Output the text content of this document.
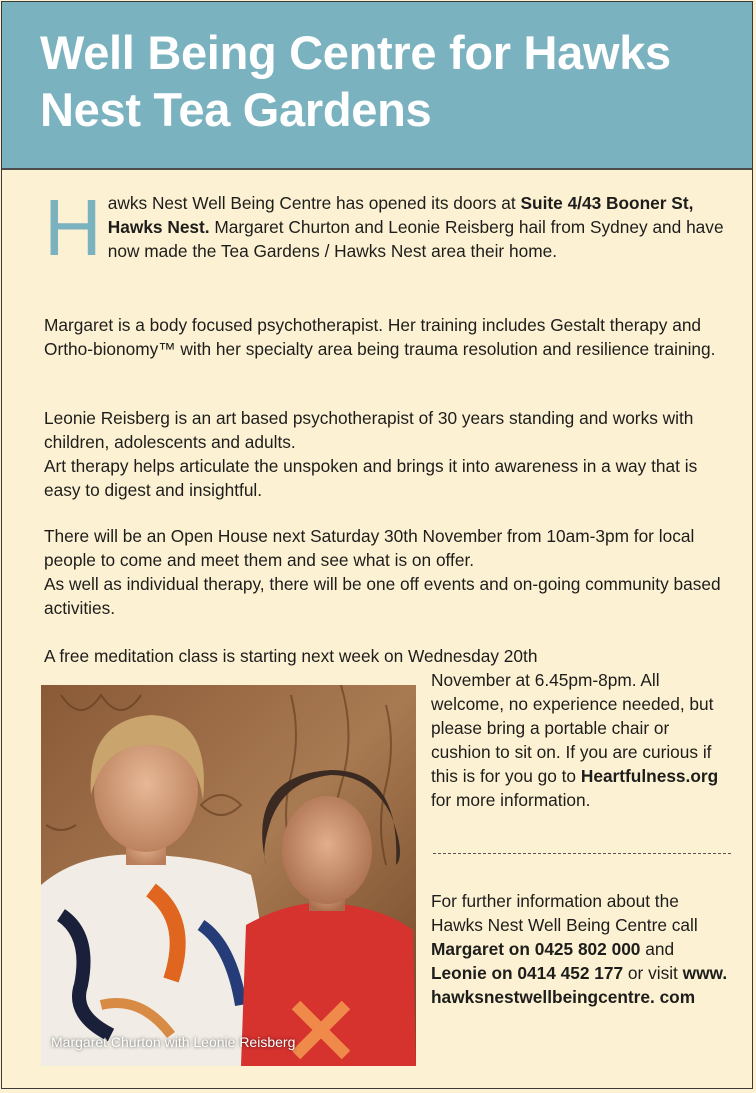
Well Being Centre for Hawks Nest Tea Gardens

Hawks Nest Well Being Centre has opened its doors at Suite 4/43 Booner St, Hawks Nest. Margaret Churton and Leonie Reisberg hail from Sydney and have now made the Tea Gardens / Hawks Nest area their home.

Margaret is a body focused psychotherapist. Her training includes Gestalt therapy and Ortho-bionomy™ with her specialty area being trauma resolution and resilience training.

Leonie Reisberg is an art based psychotherapist of 30 years standing and works with children, adolescents and adults.
Art therapy helps articulate the unspoken and brings it into awareness in a way that is easy to digest and insightful.

There will be an Open House next Saturday 30th November from 10am-3pm for local people to come and meet them and see what is on offer.
As well as individual therapy, there will be one off events and on-going community based activities.

A free meditation class is starting next week on Wednesday 20th

November at 6.45pm-8pm. All welcome, no experience needed, but please bring a portable chair or cushion to sit on. If you are curious if this is for you go to Heartfulness.org for more information.

For further information about the Hawks Nest Well Being Centre call Margaret on 0425 802 000 and Leonie on 0414 452 177 or visit www. hawksnestwellbeingcentre. com

Margaret Churton with Leonie Reisberg
